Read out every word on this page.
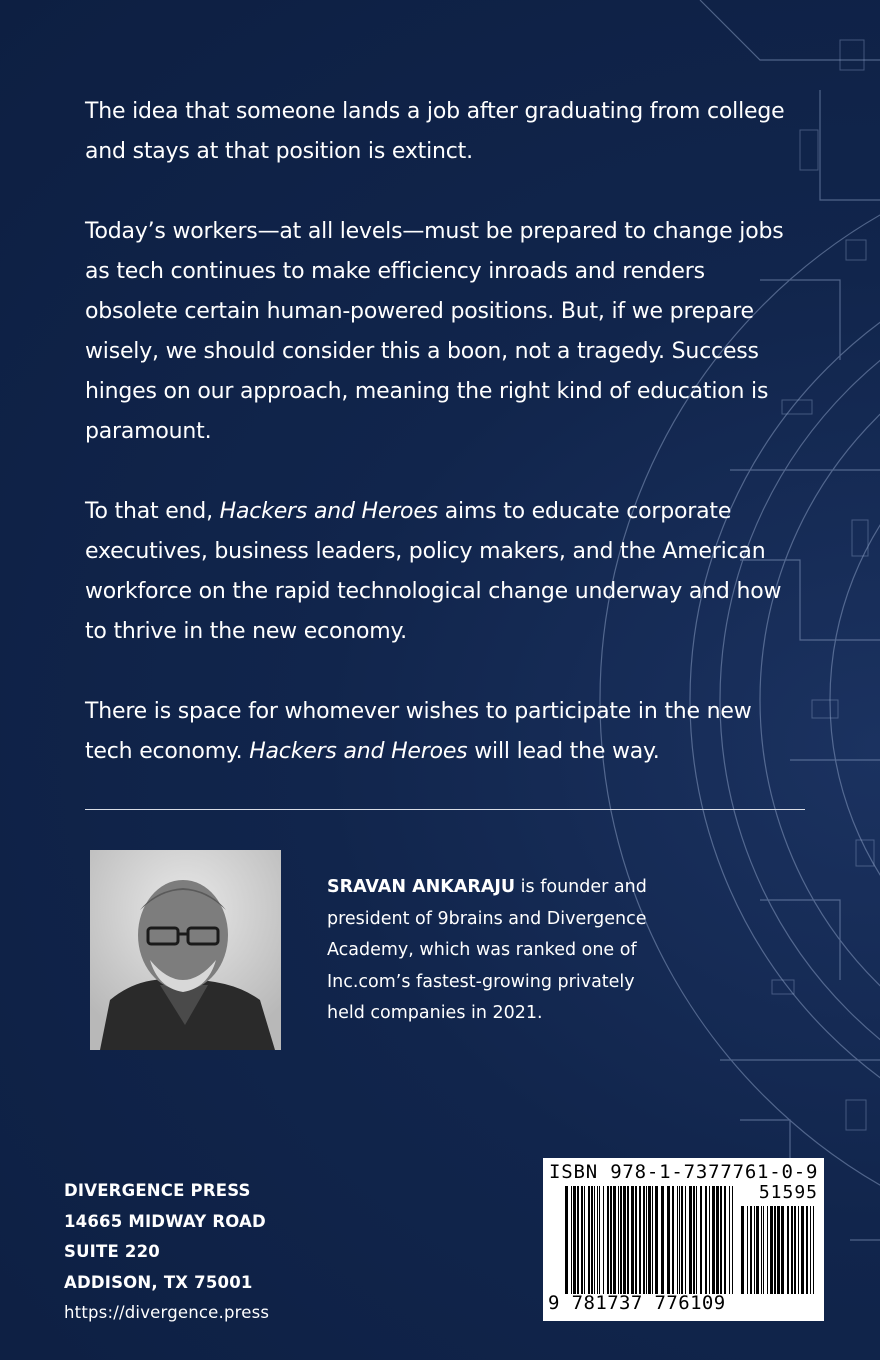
The idea that someone lands a job after graduating from college and stays at that position is extinct.

Today’s workers—at all levels—must be prepared to change jobs as tech continues to make efficiency inroads and renders obsolete certain human-powered positions. But, if we prepare wisely, we should consider this a boon, not a tragedy. Success hinges on our approach, meaning the right kind of education is paramount.

To that end, Hackers and Heroes aims to educate corporate executives, business leaders, policy makers, and the American workforce on the rapid technological change underway and how to thrive in the new economy.

There is space for whomever wishes to participate in the new tech economy. Hackers and Heroes will lead the way.

SRAVAN ANKARAJU is founder and president of 9brains and Divergence Academy, which was ranked one of Inc.com’s fastest-growing privately held companies in 2021.
DIVERGENCE PRESS
14665 MIDWAY ROAD
SUITE 220
ADDISON, TX 75001
https://divergence.press
ISBN 978-1-7377761-0-9
51595
9 781737 776109
